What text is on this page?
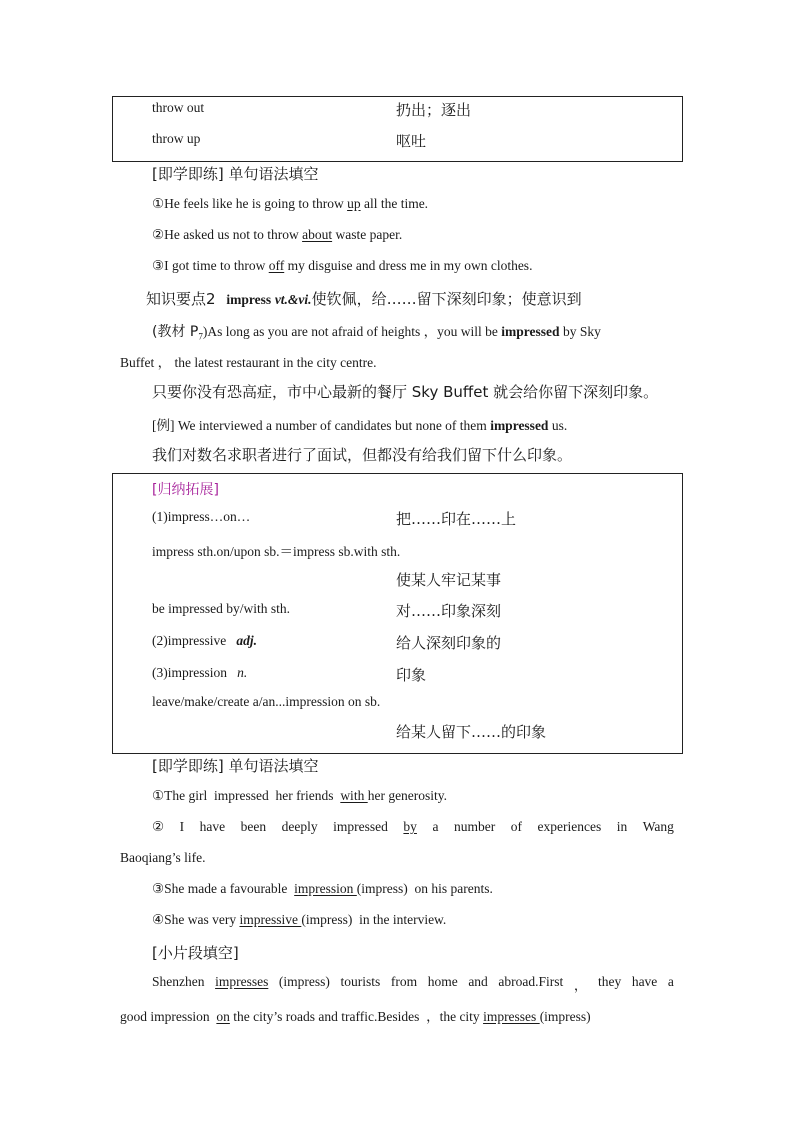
throw out	扔出；逐出
throw up	呕吐
[即学即练] 单句语法填空
①He feels like he is going to throw up all the time.
②He asked us not to throw about waste paper.
③I got time to throw off my disguise and dress me in my own clothes.
知识要点2 impress vt.&vi.使钦佩，给……留下深刻印象；使意识到
(教材 $P_7)As$ long as you are not afraid of heights ，you will be impressed by Sky
Buffet ， the latest restaurant in the city centre.
只要你没有恐高症，市中心最新的餐厅 Sky Buffet 就会给你留下深刻印象。
[例] We interviewed a number of candidates but none of them impressed us.
我们对数名求职者进行了面试，但都没有给我们留下什么印象。
[归纳拓展]
(1)impress…on…	把……印在……上
impress sth.on/upon sb.＝impress sb.with sth.
使某人牢记某事
be impressed by/with sth.	对……印象深刻
(2)impressive   adj.	给人深刻印象的
(3)impression   n.	印象
leave/make/create a/an...impression on sb.
给某人留下……的印象
[即学即练] 单句语法填空
①The girl  impressed  her friends  with her generosity.
② I have been deeply impressed by a number of experiences in Wang
Baoqiang’s life.
③She made a favourable  impression (impress)  on his parents.
④She was very impressive (impress)  in the interview.
[小片段填空]
Shenzhen impresses (impress) tourists from home and abroad.First ， they have a
good impression  on the city’s roads and traffic.Besides  ，the city impresses (impress)
